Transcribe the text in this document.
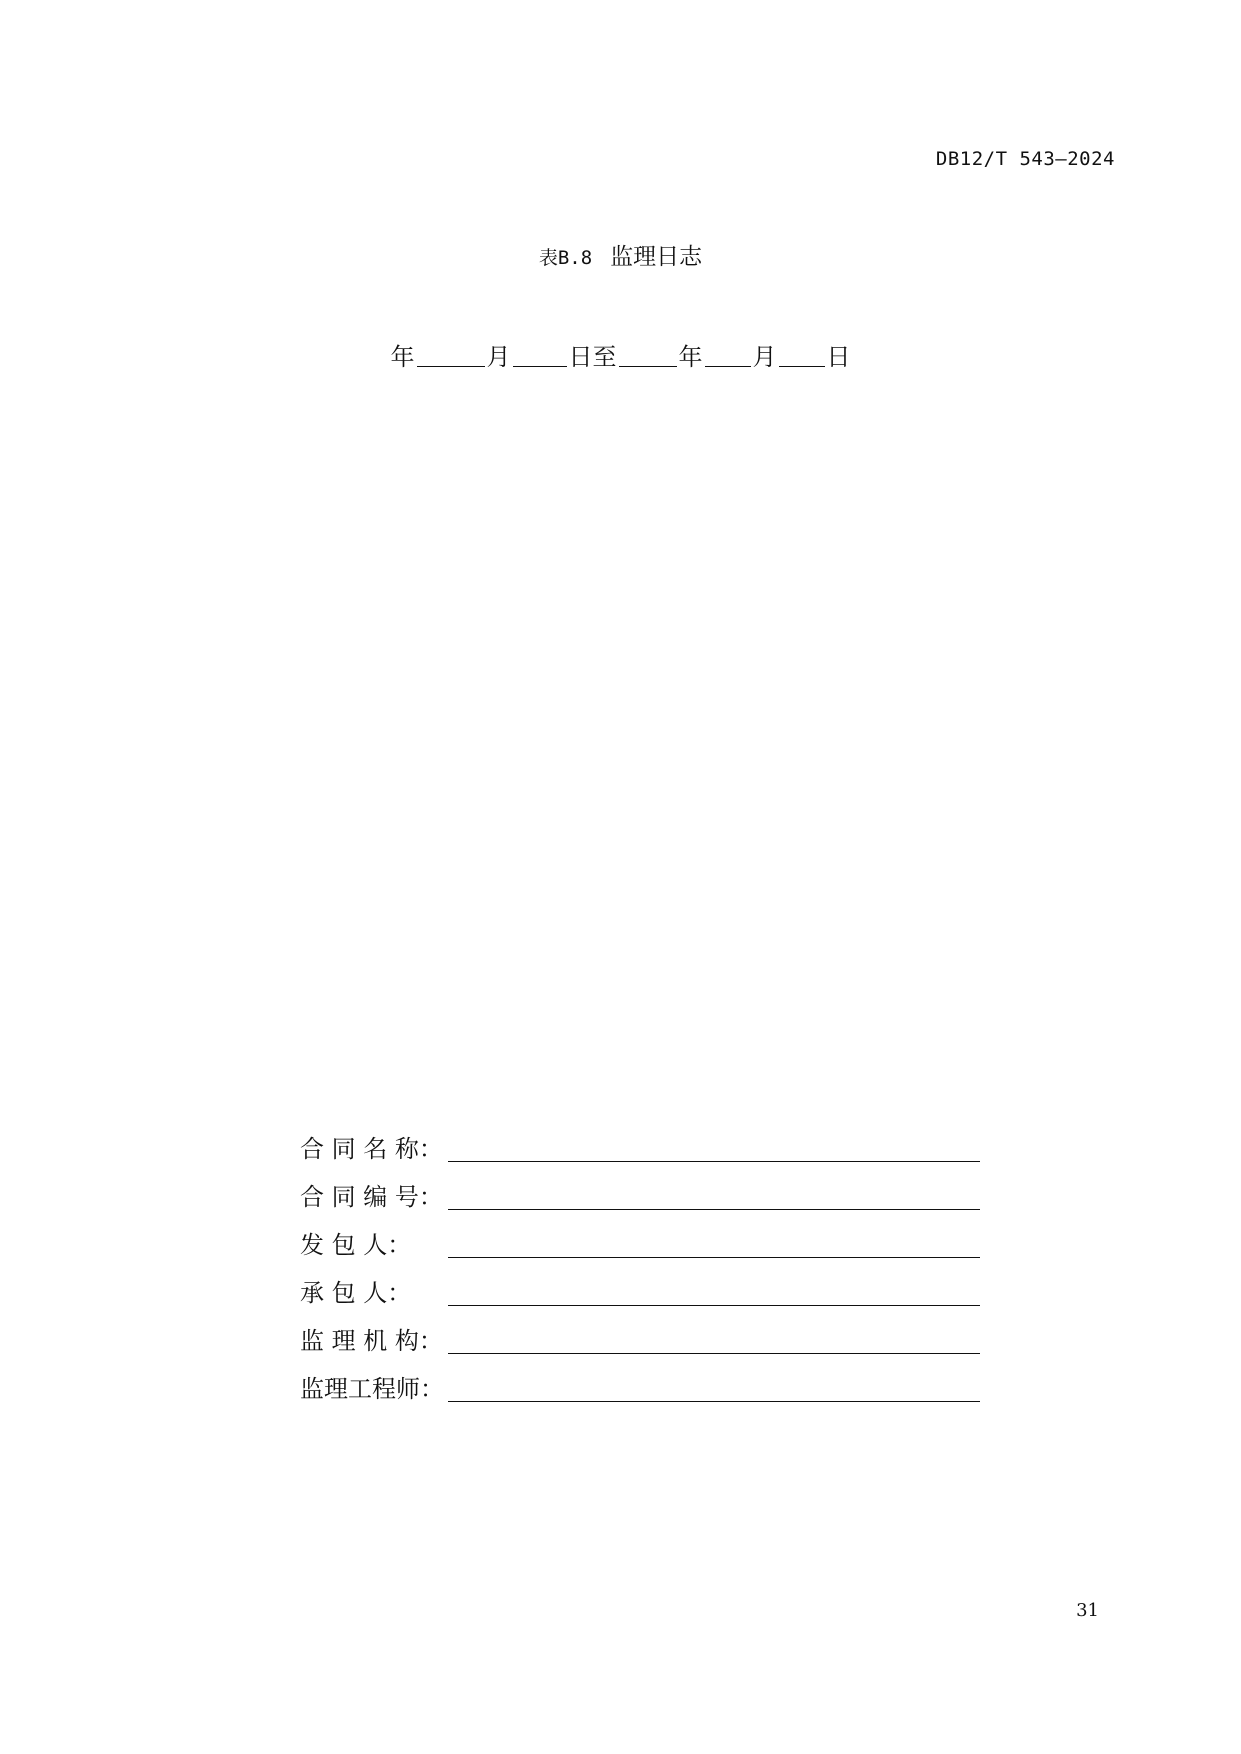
DB12/T 543—2024
表B.8 监理日志
年	月 日至	年 月 日
合 同 名 称：
合 同 编 号：
发 包 人：
承 包 人：
监 理 机 构：
监理工程师：
31
